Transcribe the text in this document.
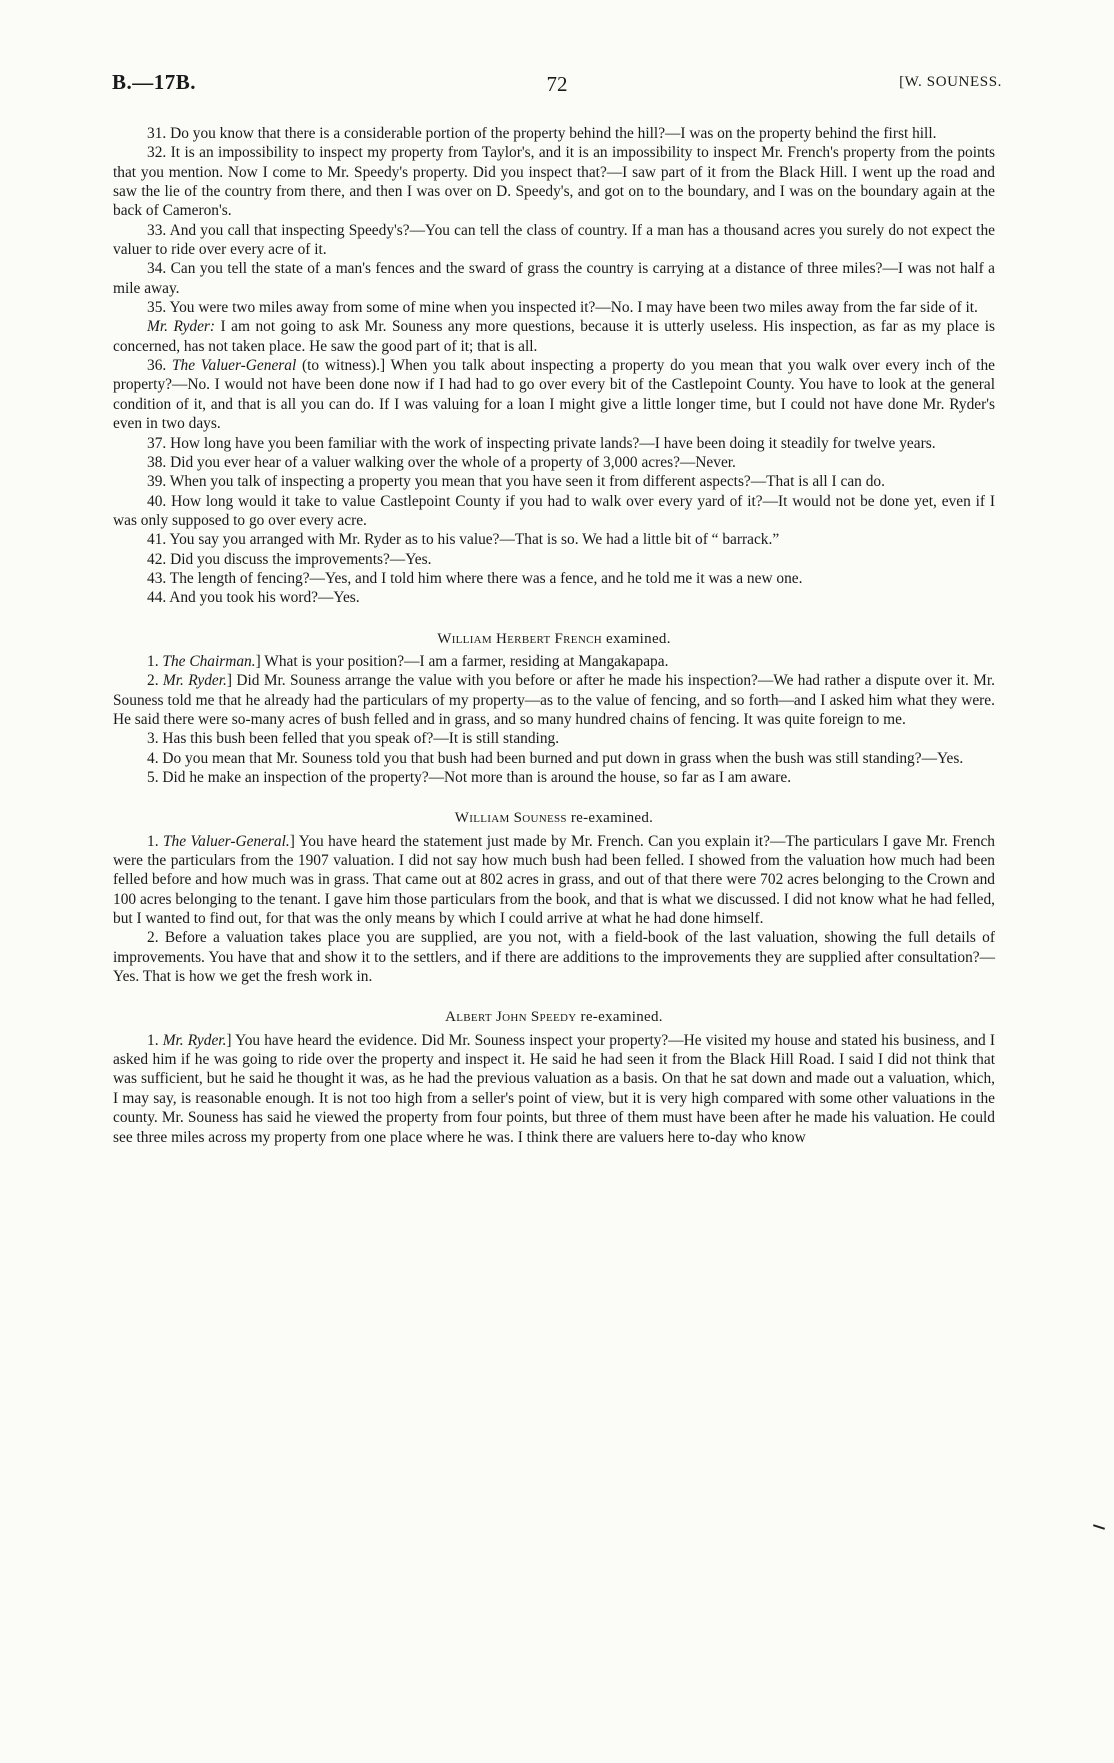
B.—17B.	72	[W. SOUNESS.

31. Do you know that there is a considerable portion of the property behind the hill?—I was on the property behind the first hill.

32. It is an impossibility to inspect my property from Taylor's, and it is an impossibility to inspect Mr. French's property from the points that you mention. Now I come to Mr. Speedy's property. Did you inspect that?—I saw part of it from the Black Hill. I went up the road and saw the lie of the country from there, and then I was over on D. Speedy's, and got on to the boundary, and I was on the boundary again at the back of Cameron's.

33. And you call that inspecting Speedy's?—You can tell the class of country. If a man has a thousand acres you surely do not expect the valuer to ride over every acre of it.

34. Can you tell the state of a man's fences and the sward of grass the country is carrying at a distance of three miles?—I was not half a mile away.

35. You were two miles away from some of mine when you inspected it?—No. I may have been two miles away from the far side of it.

Mr. Ryder: I am not going to ask Mr. Souness any more questions, because it is utterly useless. His inspection, as far as my place is concerned, has not taken place. He saw the good part of it; that is all.

36. The Valuer-General (to witness).] When you talk about inspecting a property do you mean that you walk over every inch of the property?—No. I would not have been done now if I had had to go over every bit of the Castlepoint County. You have to look at the general condition of it, and that is all you can do. If I was valuing for a loan I might give a little longer time, but I could not have done Mr. Ryder's even in two days.

37. How long have you been familiar with the work of inspecting private lands?—I have been doing it steadily for twelve years.

38. Did you ever hear of a valuer walking over the whole of a property of 3,000 acres?—Never.

39. When you talk of inspecting a property you mean that you have seen it from different aspects?—That is all I can do.

40. How long would it take to value Castlepoint County if you had to walk over every yard of it?—It would not be done yet, even if I was only supposed to go over every acre.

41. You say you arranged with Mr. Ryder as to his value?—That is so. We had a little bit of “ barrack.”

42. Did you discuss the improvements?—Yes.

43. The length of fencing?—Yes, and I told him where there was a fence, and he told me it was a new one.

44. And you took his word?—Yes.

William Herbert French examined.

1. The Chairman.] What is your position?—I am a farmer, residing at Mangakapapa.

2. Mr. Ryder.] Did Mr. Souness arrange the value with you before or after he made his inspection?—We had rather a dispute over it. Mr. Souness told me that he already had the particulars of my property—as to the value of fencing, and so forth—and I asked him what they were. He said there were so-many acres of bush felled and in grass, and so many hundred chains of fencing. It was quite foreign to me.

3. Has this bush been felled that you speak of?—It is still standing.

4. Do you mean that Mr. Souness told you that bush had been burned and put down in grass when the bush was still standing?—Yes.

5. Did he make an inspection of the property?—Not more than is around the house, so far as I am aware.

William Souness re-examined.

1. The Valuer-General.] You have heard the statement just made by Mr. French. Can you explain it?—The particulars I gave Mr. French were the particulars from the 1907 valuation. I did not say how much bush had been felled. I showed from the valuation how much had been felled before and how much was in grass. That came out at 802 acres in grass, and out of that there were 702 acres belonging to the Crown and 100 acres belonging to the tenant. I gave him those particulars from the book, and that is what we discussed. I did not know what he had felled, but I wanted to find out, for that was the only means by which I could arrive at what he had done himself.

2. Before a valuation takes place you are supplied, are you not, with a field-book of the last valuation, showing the full details of improvements. You have that and show it to the settlers, and if there are additions to the improvements they are supplied after consultation?—Yes. That is how we get the fresh work in.

Albert John Speedy re-examined.

1. Mr. Ryder.] You have heard the evidence. Did Mr. Souness inspect your property?—He visited my house and stated his business, and I asked him if he was going to ride over the property and inspect it. He said he had seen it from the Black Hill Road. I said I did not think that was sufficient, but he said he thought it was, as he had the previous valuation as a basis. On that he sat down and made out a valuation, which, I may say, is reasonable enough. It is not too high from a seller's point of view, but it is very high compared with some other valuations in the county. Mr. Souness has said he viewed the property from four points, but three of them must have been after he made his valuation. He could see three miles across my property from one place where he was. I think there are valuers here to-day who know
